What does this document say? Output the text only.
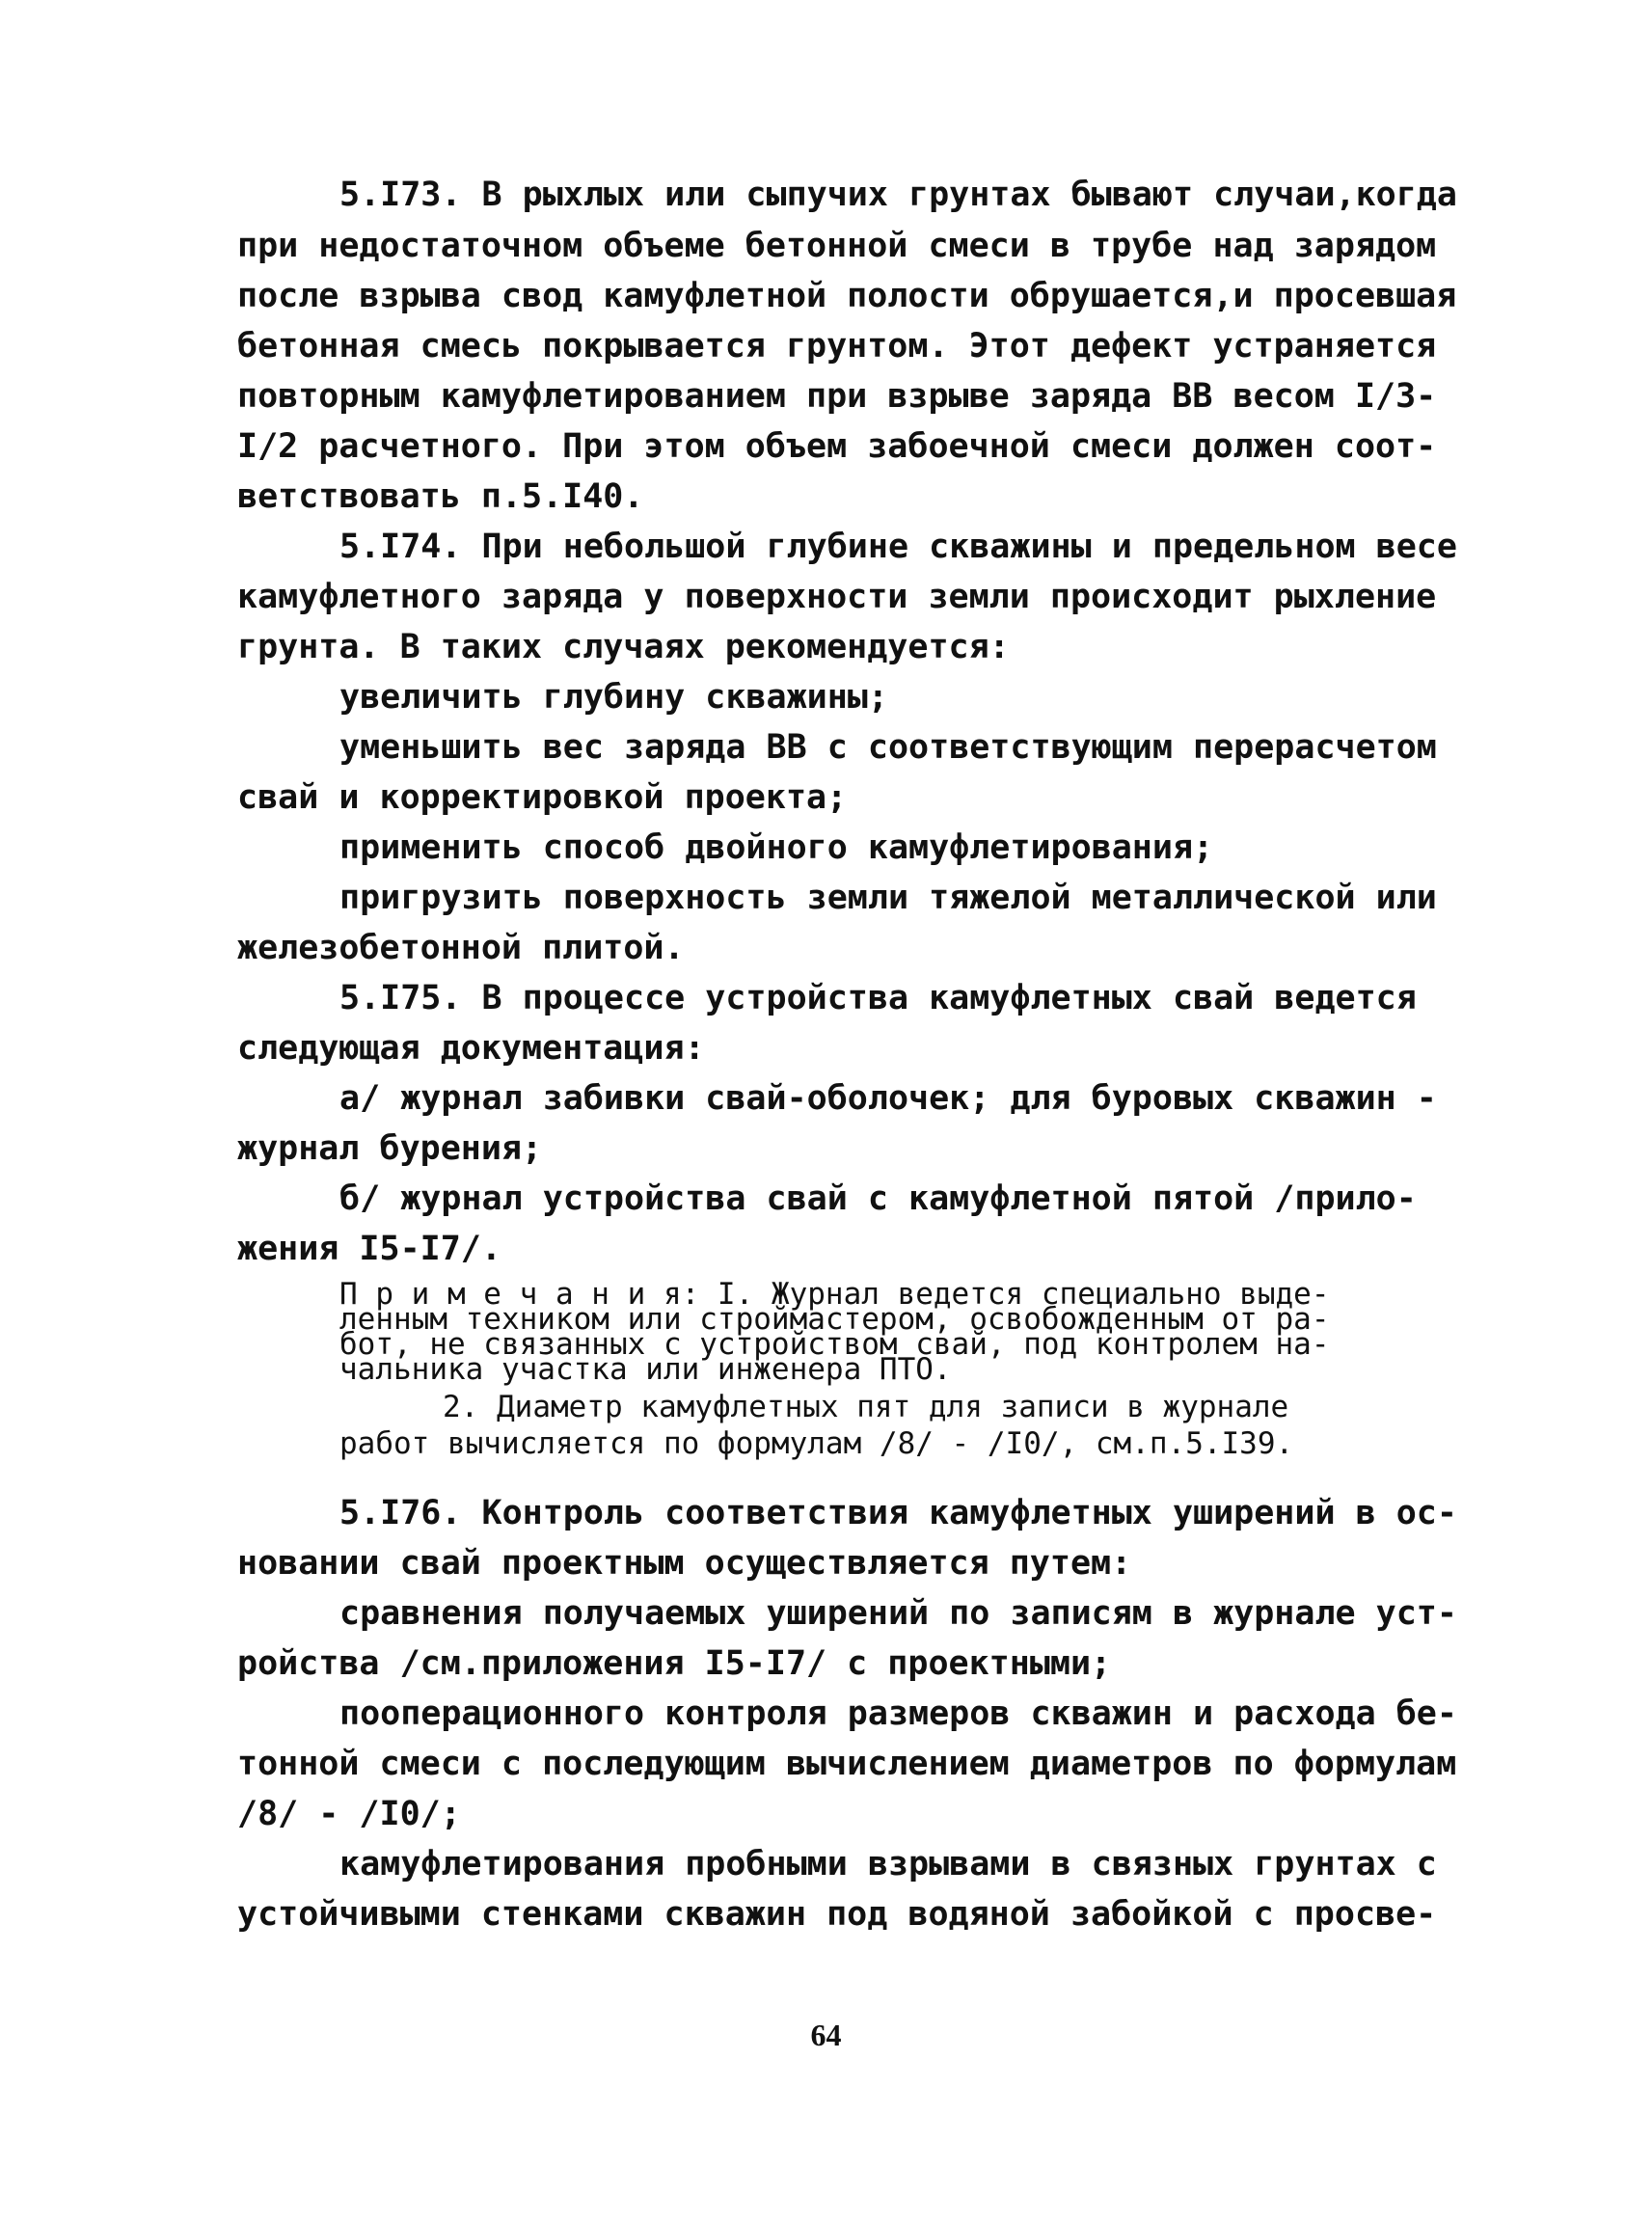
5.I73. В рыхлых или сыпучих грунтах бывают случаи,когда
при недостаточном объеме бетонной смеси в трубе над зарядом
после взрыва свод камуфлетной полости обрушается,и просевшая
бетонная смесь покрывается грунтом. Этот дефект устраняется
повторным камуфлетированием при взрыве заряда ВВ весом I/3-
I/2 расчетного. При этом объем забоечной смеси должен соот-
ветствовать п.5.I40.
5.I74. При небольшой глубине скважины и предельном весе
камуфлетного заряда у поверхности земли происходит рыхление
грунта. В таких случаях рекомендуется:
увеличить глубину скважины;
уменьшить вес заряда ВВ с соответствующим перерасчетом
свай и корректировкой проекта;
применить способ двойного камуфлетирования;
пригрузить поверхность земли тяжелой металлической или
железобетонной плитой.
5.I75. В процессе устройства камуфлетных свай ведется
следующая документация:
а/ журнал забивки свай-оболочек; для буровых скважин -
журнал бурения;
б/ журнал устройства свай с камуфлетной пятой /прило-
жения I5-I7/.
П р и м е ч а н и я: I. Журнал ведется специально выде-
ленным техником или строймастером, освобожденным от ра-
бот, не связанных с устройством свай, под контролем на-
чальника участка или инженера ПТО.
2. Диаметр камуфлетных пят для записи в журнале
работ вычисляется по формулам /8/ - /I0/, см.п.5.I39.
5.I76. Контроль соответствия камуфлетных уширений в ос-
новании свай проектным осуществляется путем:
сравнения получаемых уширений по записям в журнале уст-
ройства /см.приложения I5-I7/ с проектными;
пооперационного контроля размеров скважин и расхода бе-
тонной смеси с последующим вычислением диаметров по формулам
/8/ - /I0/;
камуфлетирования пробными взрывами в связных грунтах с
устойчивыми стенками скважин под водяной забойкой с просве-
64
